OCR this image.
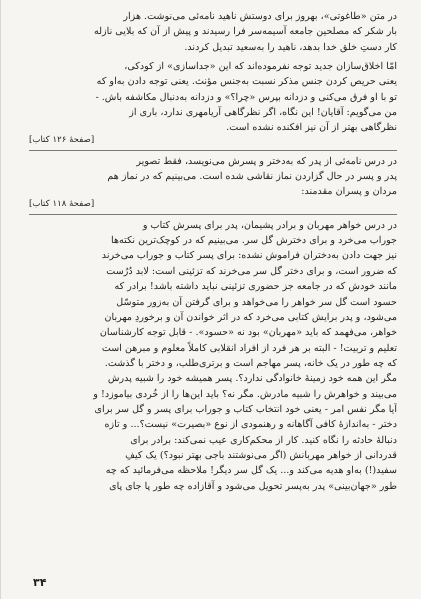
در متن «طاغوتی»، بهروز برای دوستش ناهید نامه‌ئی می‌نوشت. هزار
بار شکر که مصلحین جامعه آسیمه‌سر فرا رسیدند و پیش از آن که بلایی نازله
کار دستِ خلق خدا بدهد، ناهید را به‌سعید تبدیل کردند.
امّا اخلاق‌سازان جدید توجه نفرموده‌اند که این «جداسازی» از کودکی،
یعنی حریص کردن جنس مذکر نسبت به‌جنس مؤنث. یعنی توجه دادن به‌او که
تو با او فرق می‌کنی و دزدانه بپرس «چرا؟» و دزدانه به‌دنبال مکاشفه باش. -
من می‌گویم: آقایان! این نگاه، اگر نظرگاهی آریامهری ندارد، باری از
نظرگاهی بهتر از آن نیز افکنده نشده است.
[صفحهٔ ۱۲۶ کتاب]
در درس نامه‌ئی از پدر که به‌دختر و پسرش می‌نویسد، فقط تصویر
پدر و پسر در حال گزاردن نماز نقاشی شده است. می‌بینیم که در نماز هم
مردان و پسران مقدمند:
[صفحهٔ ۱۱۸ کتاب]
در درس خواهر مهربان و برادر پشیمان، پدر برای پسرش کتاب و
جوراب می‌خرد و برای دخترش گل سر. می‌بینیم که در کوچک‌ترین نکته‌ها
نیز جهت دادن به‌دختران فراموش نشده: برای پسر کتاب و جوراب می‌خرند
که ضرور است، و برای دختر گل سر می‌خرند که تزئینی است: لابد دُرُست
مانند خودش که در جامعه جز حضوری تزئینی نباید داشته باشد! برادر که
حسود است گل سر خواهر را می‌خواهد و برای گرفتن آن به‌زور متوسّل
می‌شود، و پدر برایش کتابی می‌خرد که در اثر خواندن آن و برخوردِ مهربان
خواهر، می‌فهمد که باید «مهربان» بود نه «حسود». - قابل توجه کارشناسان
تعلیم و تربیت! - البته بر هر فرد از افراد انقلابی کاملاً معلوم و مبرهن است
که چه طور در یک خانه، پسر مهاجم است و برتری‌طلب، و دختر با گذشت.
مگر این همه خود زمینهٔ خانوادگی ندارد؟. پسر همیشه خود را شبیه پدرش
می‌بیند و خواهرش را شبیه مادرش. مگر نه؟ باید این‌ها را از خُردی بیاموزد! و
آیا مگر نفس امر - یعنی خود انتخاب کتاب و جوراب برای پسر و گل سر برای
دختر - به‌اندازهٔ کافی آگاهانه و رهنمودی از نوع «بصیرت» نیست؟... و تازه
دنبالهٔ حادثه را نگاه کنید. کار از محکم‌کاری عیب نمی‌کند: برادر برای
قدردانی از خواهر مهربانش (اگر می‌نوشتند باجی بهتر نبود؟) یک کیفِ
سفید(!) به‌او هدیه می‌کند و... یک گل سر دیگر! ملاحظه می‌فرمائید که چه
طور «جهان‌بینی» پدر به‌پسر تحویل می‌شود و آقازاده چه طور پا جای پای
۳۴
